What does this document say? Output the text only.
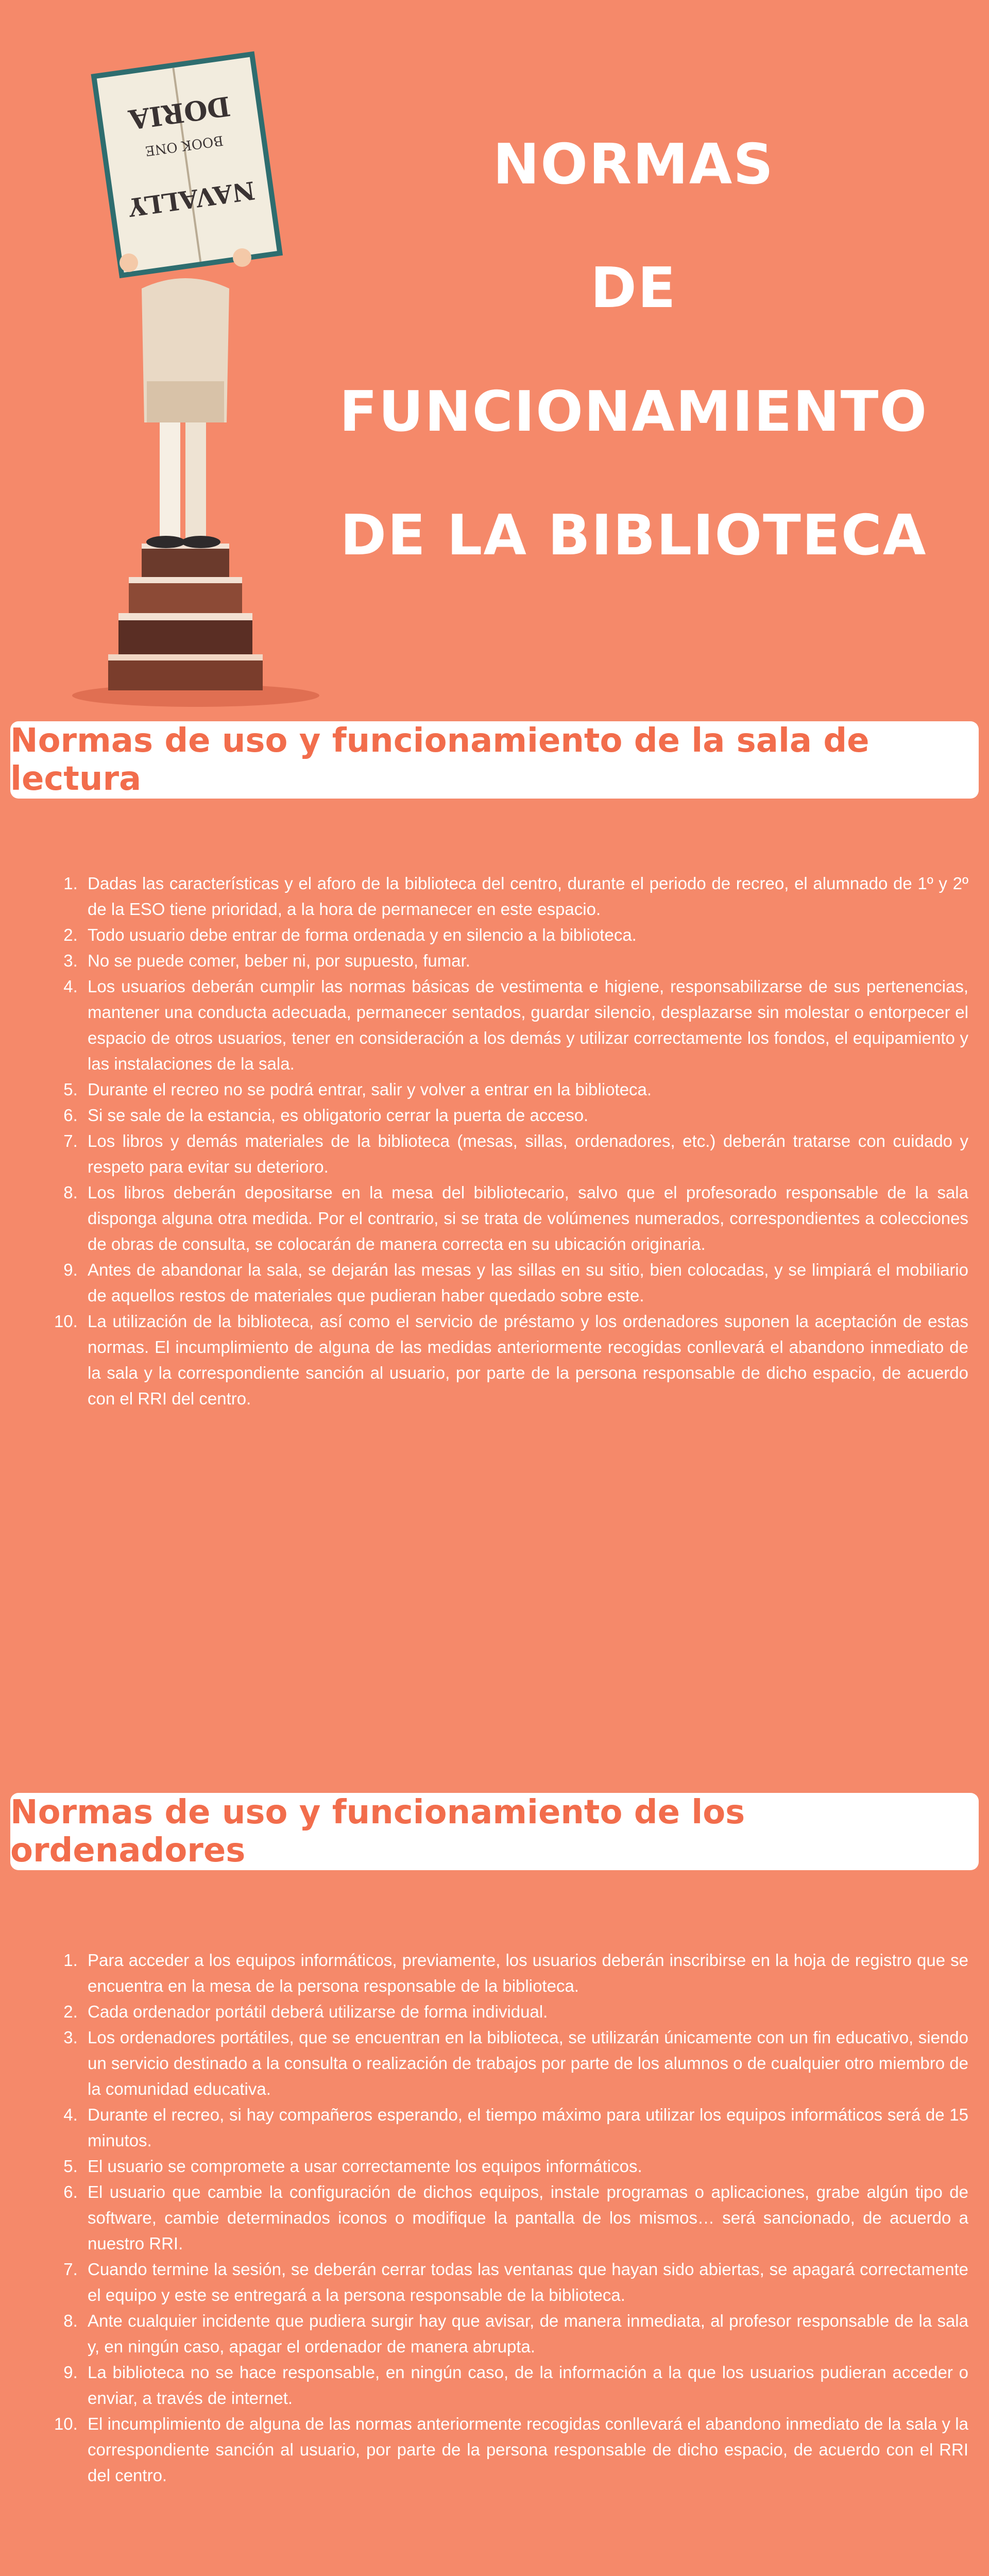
DORIA
BOOK ONE
NAVALLY
NORMAS
DE
FUNCIONAMIENTO
DE LA BIBLIOTECA
Normas de uso y funcionamiento de la sala de lectura
1. Dadas las características y el aforo de la biblioteca del centro, durante el periodo de recreo, el alumnado de 1º y 2º de la ESO tiene prioridad, a la hora de permanecer en este espacio.
2. Todo usuario debe entrar de forma ordenada y en silencio a la biblioteca.
3. No se puede comer, beber ni, por supuesto, fumar.
4. Los usuarios deberán cumplir las normas básicas de vestimenta e higiene, responsabilizarse de sus pertenencias, mantener una conducta adecuada, permanecer sentados, guardar silencio, desplazarse sin molestar o entorpecer el espacio de otros usuarios, tener en consideración a los demás y utilizar correctamente los fondos, el equipamiento y las instalaciones de la sala.
5. Durante el recreo no se podrá entrar, salir y volver a entrar en la biblioteca.
6. Si se sale de la estancia, es obligatorio cerrar la puerta de acceso.
7. Los libros y demás materiales de la biblioteca (mesas, sillas, ordenadores, etc.) deberán tratarse con cuidado y respeto para evitar su deterioro.
8. Los libros deberán depositarse en la mesa del bibliotecario, salvo que el profesorado responsable de la sala disponga alguna otra medida. Por el contrario, si se trata de volúmenes numerados, correspondientes a colecciones de obras de consulta, se colocarán de manera correcta en su ubicación originaria.
9. Antes de abandonar la sala, se dejarán las mesas y las sillas en su sitio, bien colocadas, y se limpiará el mobiliario de aquellos restos de materiales que pudieran haber quedado sobre este.
10. La utilización de la biblioteca, así como el servicio de préstamo y los ordenadores suponen la aceptación de estas normas. El incumplimiento de alguna de las medidas anteriormente recogidas conllevará el abandono inmediato de la sala y la correspondiente sanción al usuario, por parte de la persona responsable de dicho espacio, de acuerdo con el RRI del centro.
Normas de uso y funcionamiento de los ordenadores
1. Para acceder a los equipos informáticos, previamente, los usuarios deberán inscribirse en la hoja de registro que se encuentra en la mesa de la persona responsable de la biblioteca.
2. Cada ordenador portátil deberá utilizarse de forma individual.
3. Los ordenadores portátiles, que se encuentran en la biblioteca, se utilizarán únicamente con un fin educativo, siendo un servicio destinado a la consulta o realización de trabajos por parte de los alumnos o de cualquier otro miembro de la comunidad educativa.
4. Durante el recreo, si hay compañeros esperando, el tiempo máximo para utilizar los equipos informáticos será de 15 minutos.
5. El usuario se compromete a usar correctamente los equipos informáticos.
6. El usuario que cambie la configuración de dichos equipos, instale programas o aplicaciones, grabe algún tipo de software, cambie determinados iconos o modifique la pantalla de los mismos… será sancionado, de acuerdo a nuestro RRI.
7. Cuando termine la sesión, se deberán cerrar todas las ventanas que hayan sido abiertas, se apagará correctamente el equipo y este se entregará a la persona responsable de la biblioteca.
8. Ante cualquier incidente que pudiera surgir hay que avisar, de manera inmediata, al profesor responsable de la sala y, en ningún caso, apagar el ordenador de manera abrupta.
9. La biblioteca no se hace responsable, en ningún caso, de la información a la que los usuarios pudieran acceder o enviar, a través de internet.
10. El incumplimiento de alguna de las normas anteriormente recogidas conllevará el abandono inmediato de la sala y la correspondiente sanción al usuario, por parte de la persona responsable de dicho espacio, de acuerdo con el RRI del centro.
